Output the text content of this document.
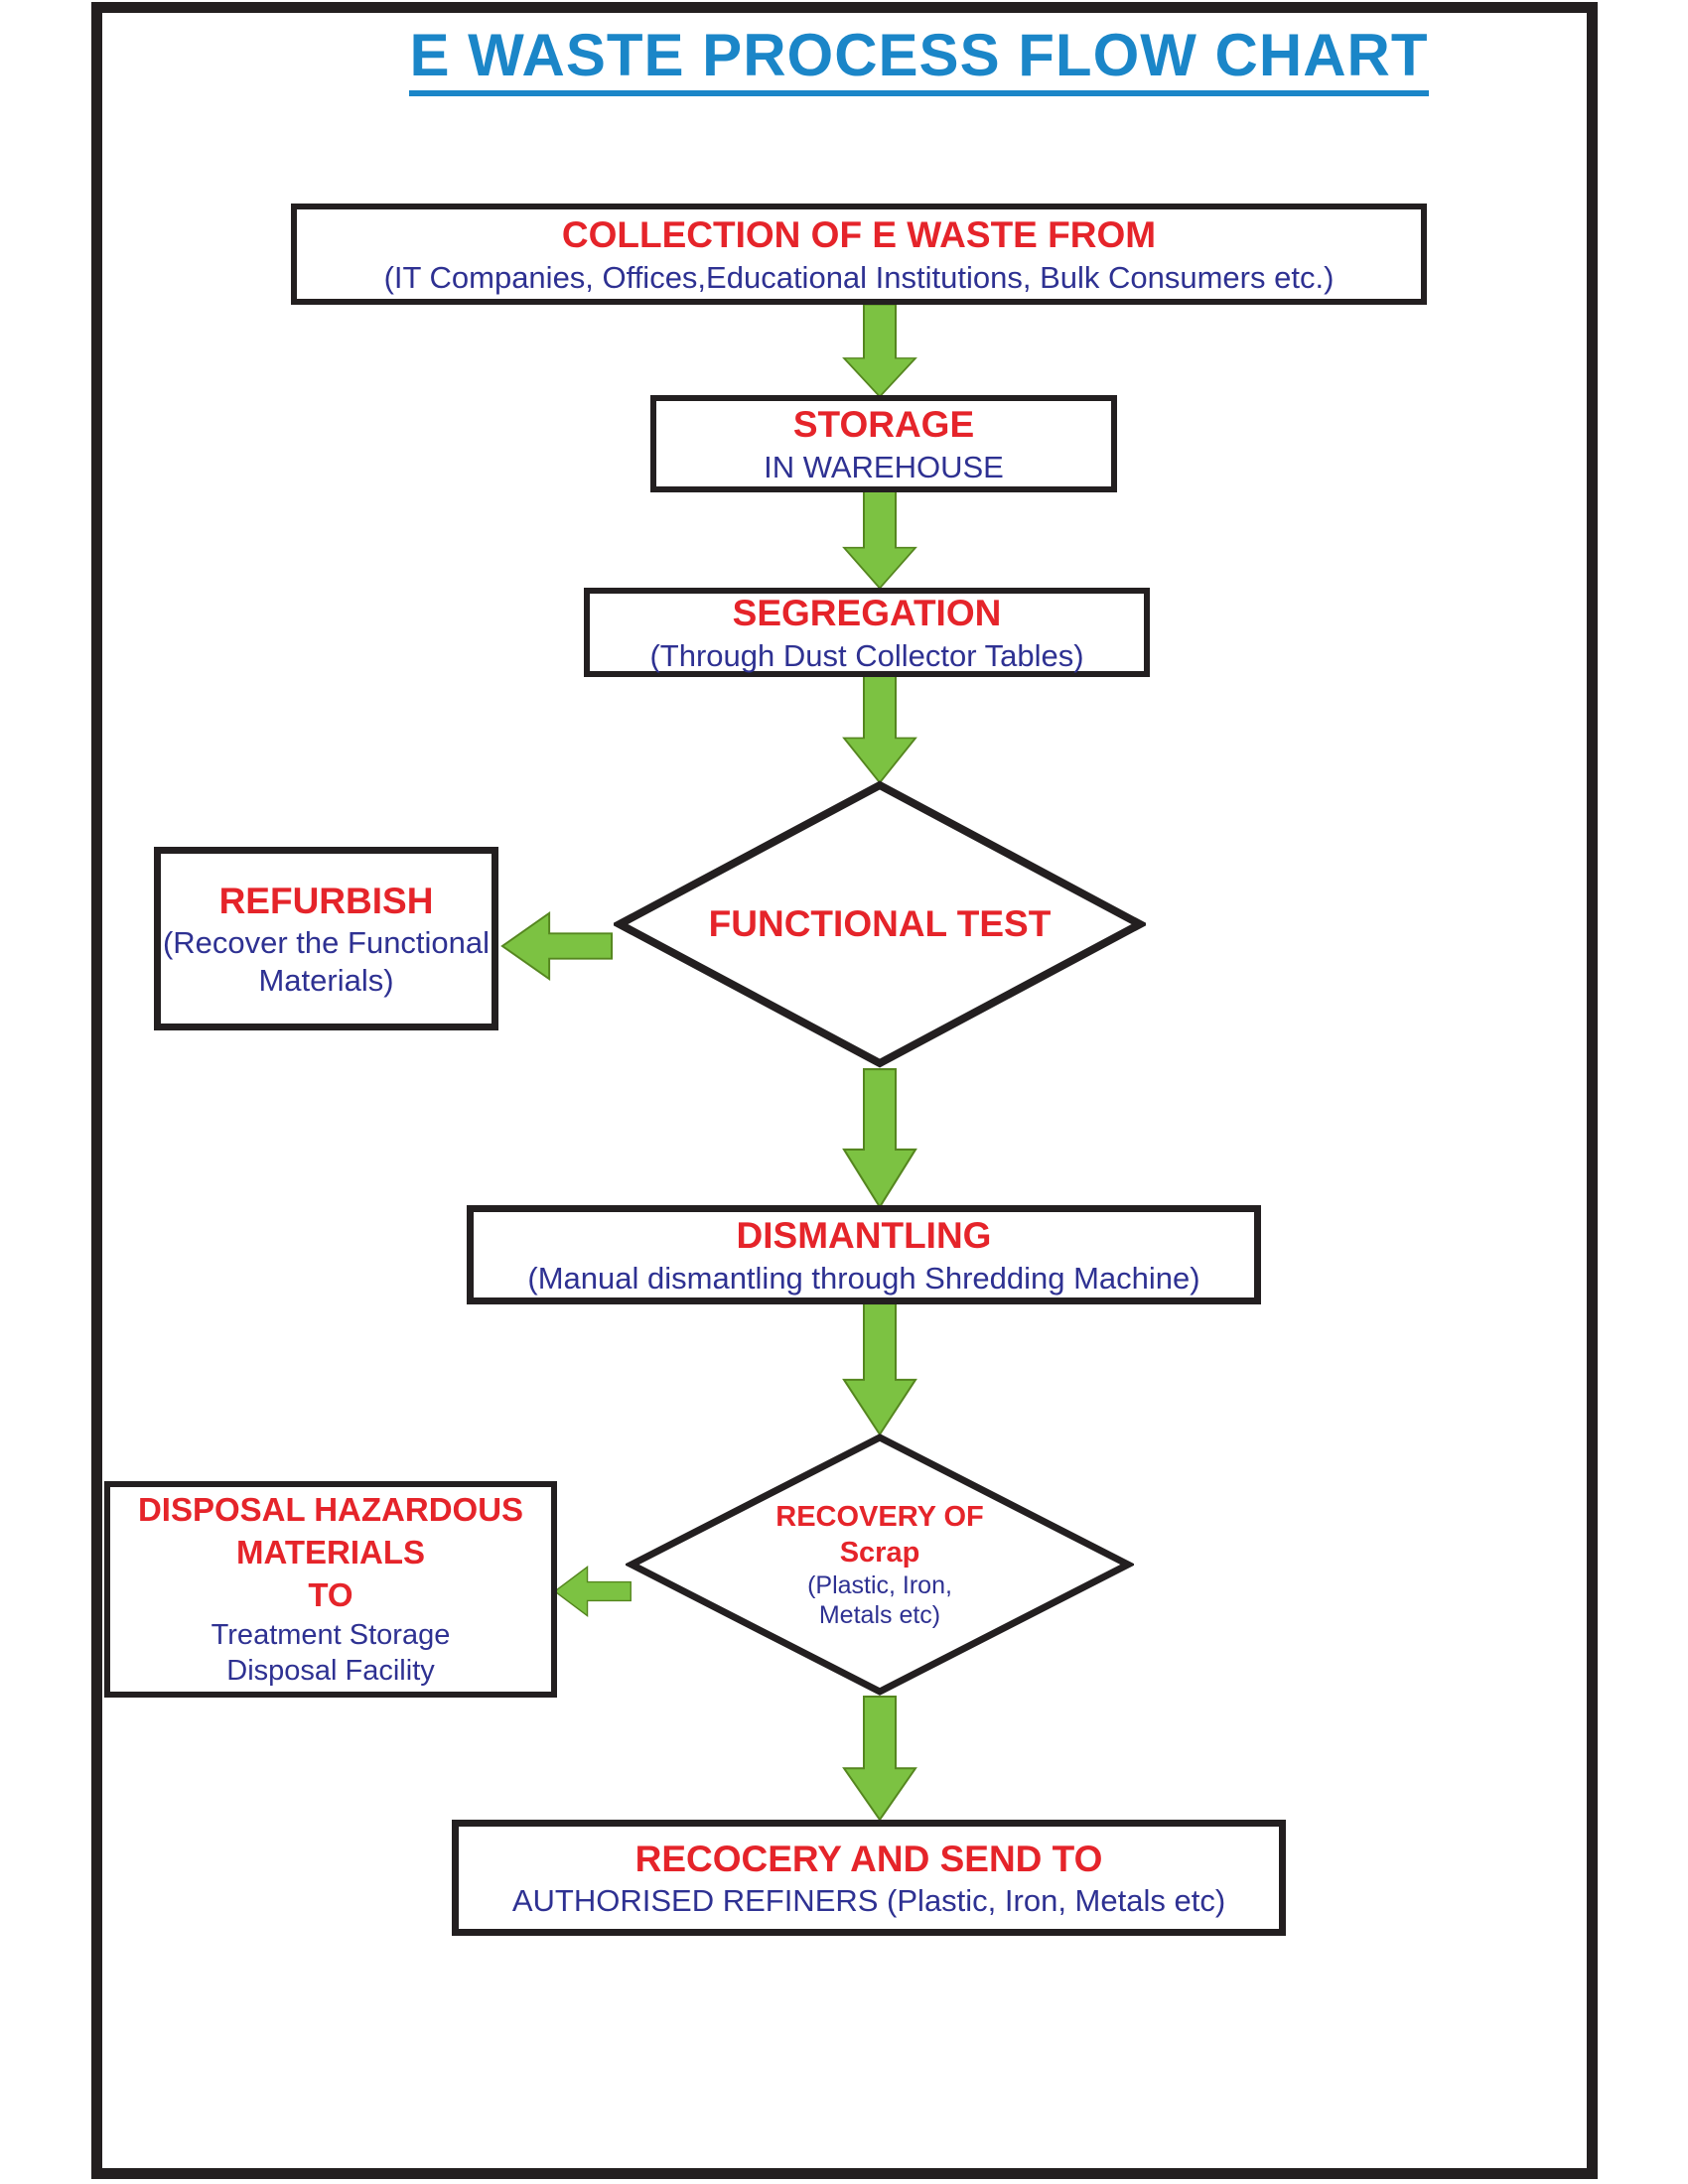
E WASTE PROCESS FLOW CHART
COLLECTION OF E WASTE FROM
(IT Companies, Offices,Educational Institutions, Bulk Consumers etc.)
STORAGE
IN WAREHOUSE
SEGREGATION
(Through Dust Collector Tables)
FUNCTIONAL TEST
REFURBISH
(Recover the Functional
Materials)
DISMANTLING
(Manual dismantling through Shredding Machine)
RECOVERY OF
Scrap
(Plastic, Iron,
Metals etc)
DISPOSAL HAZARDOUS
MATERIALS
TO
Treatment Storage
Disposal Facility
RECOCERY AND SEND TO
AUTHORISED REFINERS (Plastic, Iron, Metals etc)
